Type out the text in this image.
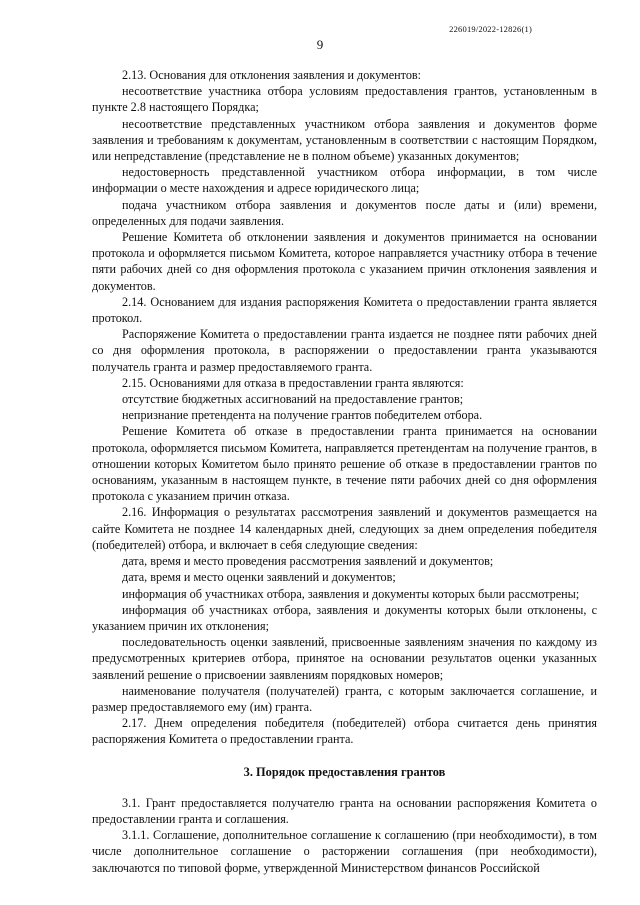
226019/2022-12826(1)
9

2.13. Основания для отклонения заявления и документов:

несоответствие участника отбора условиям предоставления грантов, установленным в пункте 2.8 настоящего Порядка;

несоответствие представленных участником отбора заявления и документов форме заявления и требованиям к документам, установленным в соответствии с настоящим Порядком, или непредставление (представление не в полном объеме) указанных документов;

недостоверность представленной участником отбора информации, в том числе информации о месте нахождения и адресе юридического лица;

подача участником отбора заявления и документов после даты и (или) времени, определенных для подачи заявления.

Решение Комитета об отклонении заявления и документов принимается на основании протокола и оформляется письмом Комитета, которое направляется участнику отбора в течение пяти рабочих дней со дня оформления протокола с указанием причин отклонения заявления и документов.

2.14. Основанием для издания распоряжения Комитета о предоставлении гранта является протокол.

Распоряжение Комитета о предоставлении гранта издается не позднее пяти рабочих дней со дня оформления протокола, в распоряжении о предоставлении гранта указываются получатель гранта и размер предоставляемого гранта.

2.15. Основаниями для отказа в предоставлении гранта являются:

отсутствие бюджетных ассигнований на предоставление грантов;

непризнание претендента на получение грантов победителем отбора.

Решение Комитета об отказе в предоставлении гранта принимается на основании протокола, оформляется письмом Комитета, направляется претендентам на получение грантов, в отношении которых Комитетом было принято решение об отказе в предоставлении грантов по основаниям, указанным в настоящем пункте, в течение пяти рабочих дней со дня оформления протокола с указанием причин отказа.

2.16. Информация о результатах рассмотрения заявлений и документов размещается на сайте Комитета не позднее 14 календарных дней, следующих за днем определения победителя (победителей) отбора, и включает в себя следующие сведения:

дата, время и место проведения рассмотрения заявлений и документов;

дата, время и место оценки заявлений и документов;

информация об участниках отбора, заявления и документы которых были рассмотрены;

информация об участниках отбора, заявления и документы которых были отклонены, с указанием причин их отклонения;

последовательность оценки заявлений, присвоенные заявлениям значения по каждому из предусмотренных критериев отбора, принятое на основании результатов оценки указанных заявлений решение о присвоении заявлениям порядковых номеров;

наименование получателя (получателей) гранта, с которым заключается соглашение, и размер предоставляемого ему (им) гранта.

2.17. Днем определения победителя (победителей) отбора считается день принятия распоряжения Комитета о предоставлении гранта.

3. Порядок предоставления грантов

3.1. Грант предоставляется получателю гранта на основании распоряжения Комитета о предоставлении гранта и соглашения.

3.1.1. Соглашение, дополнительное соглашение к соглашению (при необходимости), в том числе дополнительное соглашение о расторжении соглашения (при необходимости), заключаются по типовой форме, утвержденной Министерством финансов Российской
